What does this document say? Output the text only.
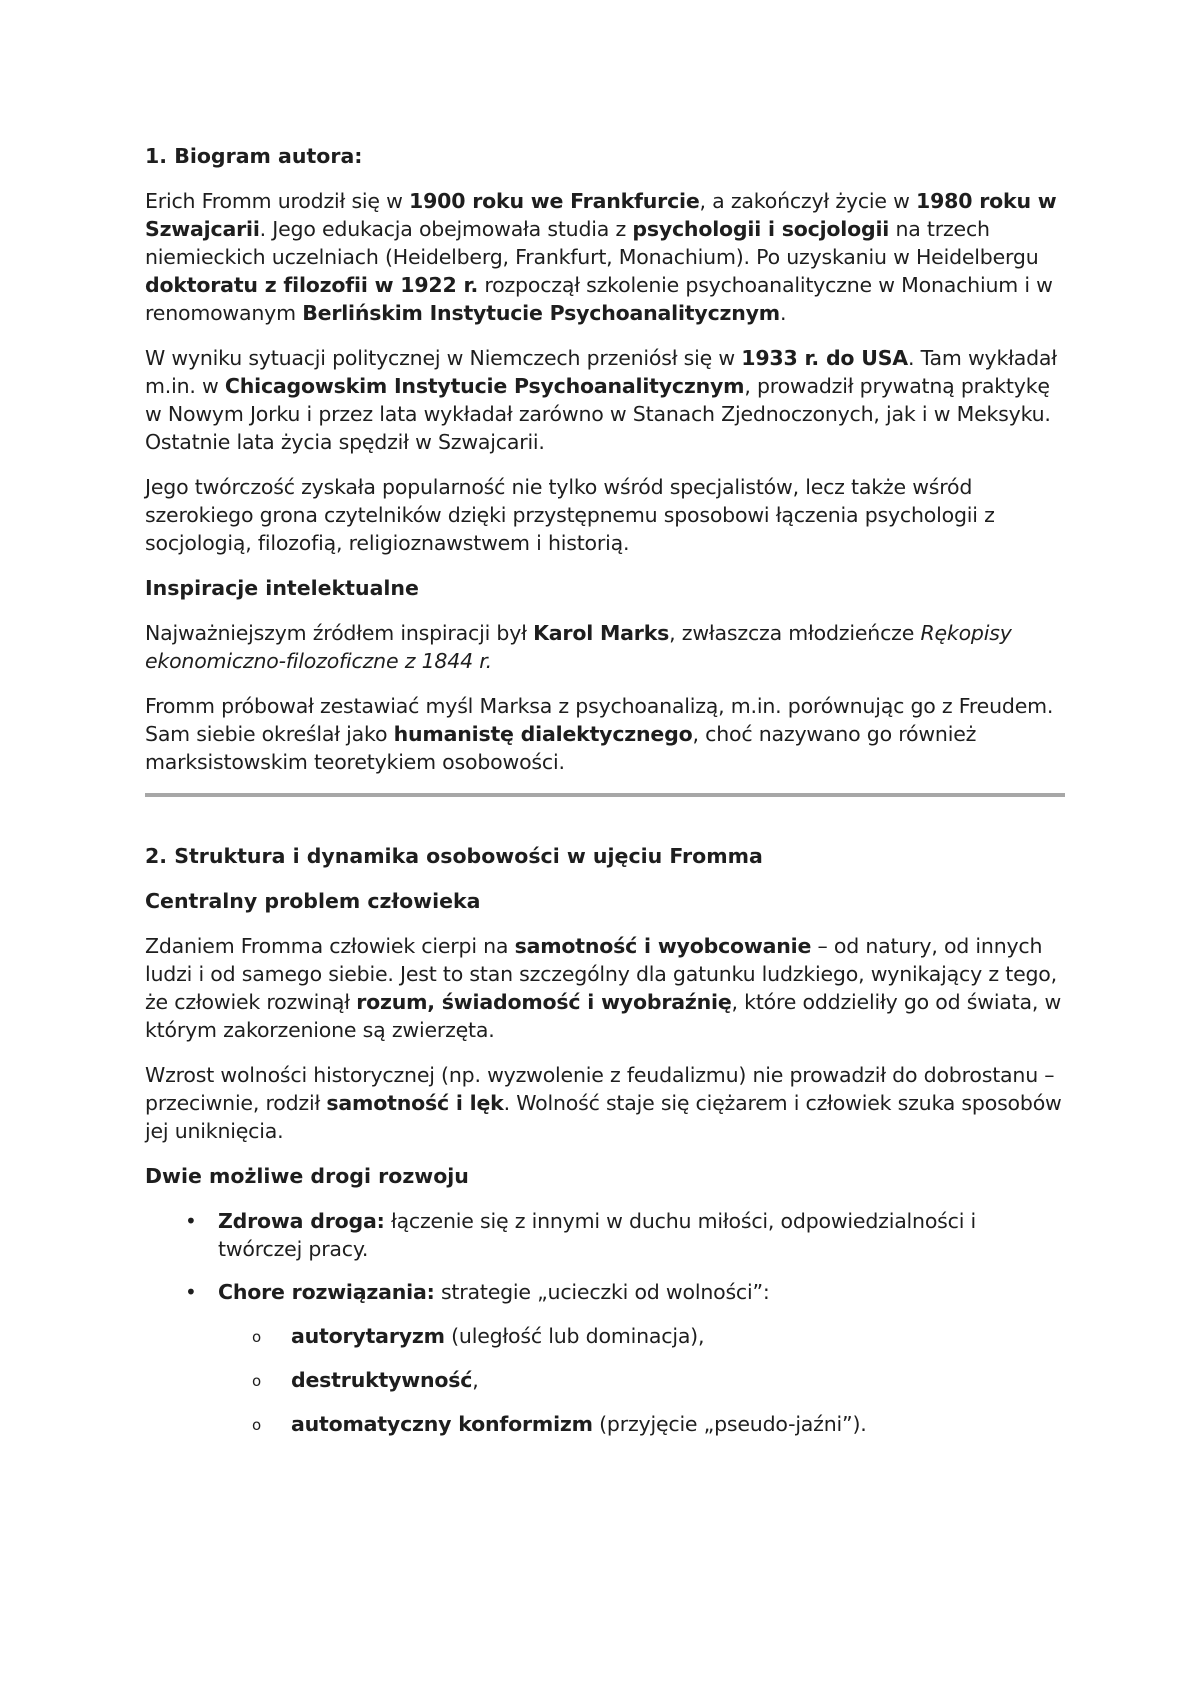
1. Biogram autora:

Erich Fromm urodził się w 1900 roku we Frankfurcie, a zakończył życie w 1980 roku w Szwajcarii. Jego edukacja obejmowała studia z psychologii i socjologii na trzech niemieckich uczelniach (Heidelberg, Frankfurt, Monachium). Po uzyskaniu w Heidelbergu doktoratu z filozofii w 1922 r. rozpoczął szkolenie psychoanalityczne w Monachium i w renomowanym Berlińskim Instytucie Psychoanalitycznym.

W wyniku sytuacji politycznej w Niemczech przeniósł się w 1933 r. do USA. Tam wykładał m.in. w Chicagowskim Instytucie Psychoanalitycznym, prowadził prywatną praktykę w Nowym Jorku i przez lata wykładał zarówno w Stanach Zjednoczonych, jak i w Meksyku. Ostatnie lata życia spędził w Szwajcarii.

Jego twórczość zyskała popularność nie tylko wśród specjalistów, lecz także wśród szerokiego grona czytelników dzięki przystępnemu sposobowi łączenia psychologii z socjologią, filozofią, religioznawstwem i historią.

Inspiracje intelektualne

Najważniejszym źródłem inspiracji był Karol Marks, zwłaszcza młodzieńcze Rękopisy ekonomiczno-filozoficzne z 1844 r.

Fromm próbował zestawiać myśl Marksa z psychoanalizą, m.in. porównując go z Freudem. Sam siebie określał jako humanistę dialektycznego, choć nazywano go również marksistowskim teoretykiem osobowości.

2. Struktura i dynamika osobowości w ujęciu Fromma
Centralny problem człowieka

Zdaniem Fromma człowiek cierpi na samotność i wyobcowanie – od natury, od innych ludzi i od samego siebie. Jest to stan szczególny dla gatunku ludzkiego, wynikający z tego, że człowiek rozwinął rozum, świadomość i wyobraźnię, które oddzieliły go od świata, w którym zakorzenione są zwierzęta.

Wzrost wolności historycznej (np. wyzwolenie z feudalizmu) nie prowadził do dobrostanu – przeciwnie, rodził samotność i lęk. Wolność staje się ciężarem i człowiek szuka sposobów jej uniknięcia.

Dwie możliwe drogi rozwoju
• Zdrowa droga: łączenie się z innymi w duchu miłości, odpowiedzialności i twórczej pracy.
• Chore rozwiązania: strategie „ucieczki od wolności”:
o autorytaryzm (uległość lub dominacja),
o destruktywność,
o automatyczny konformizm (przyjęcie „pseudo-jaźni”).
